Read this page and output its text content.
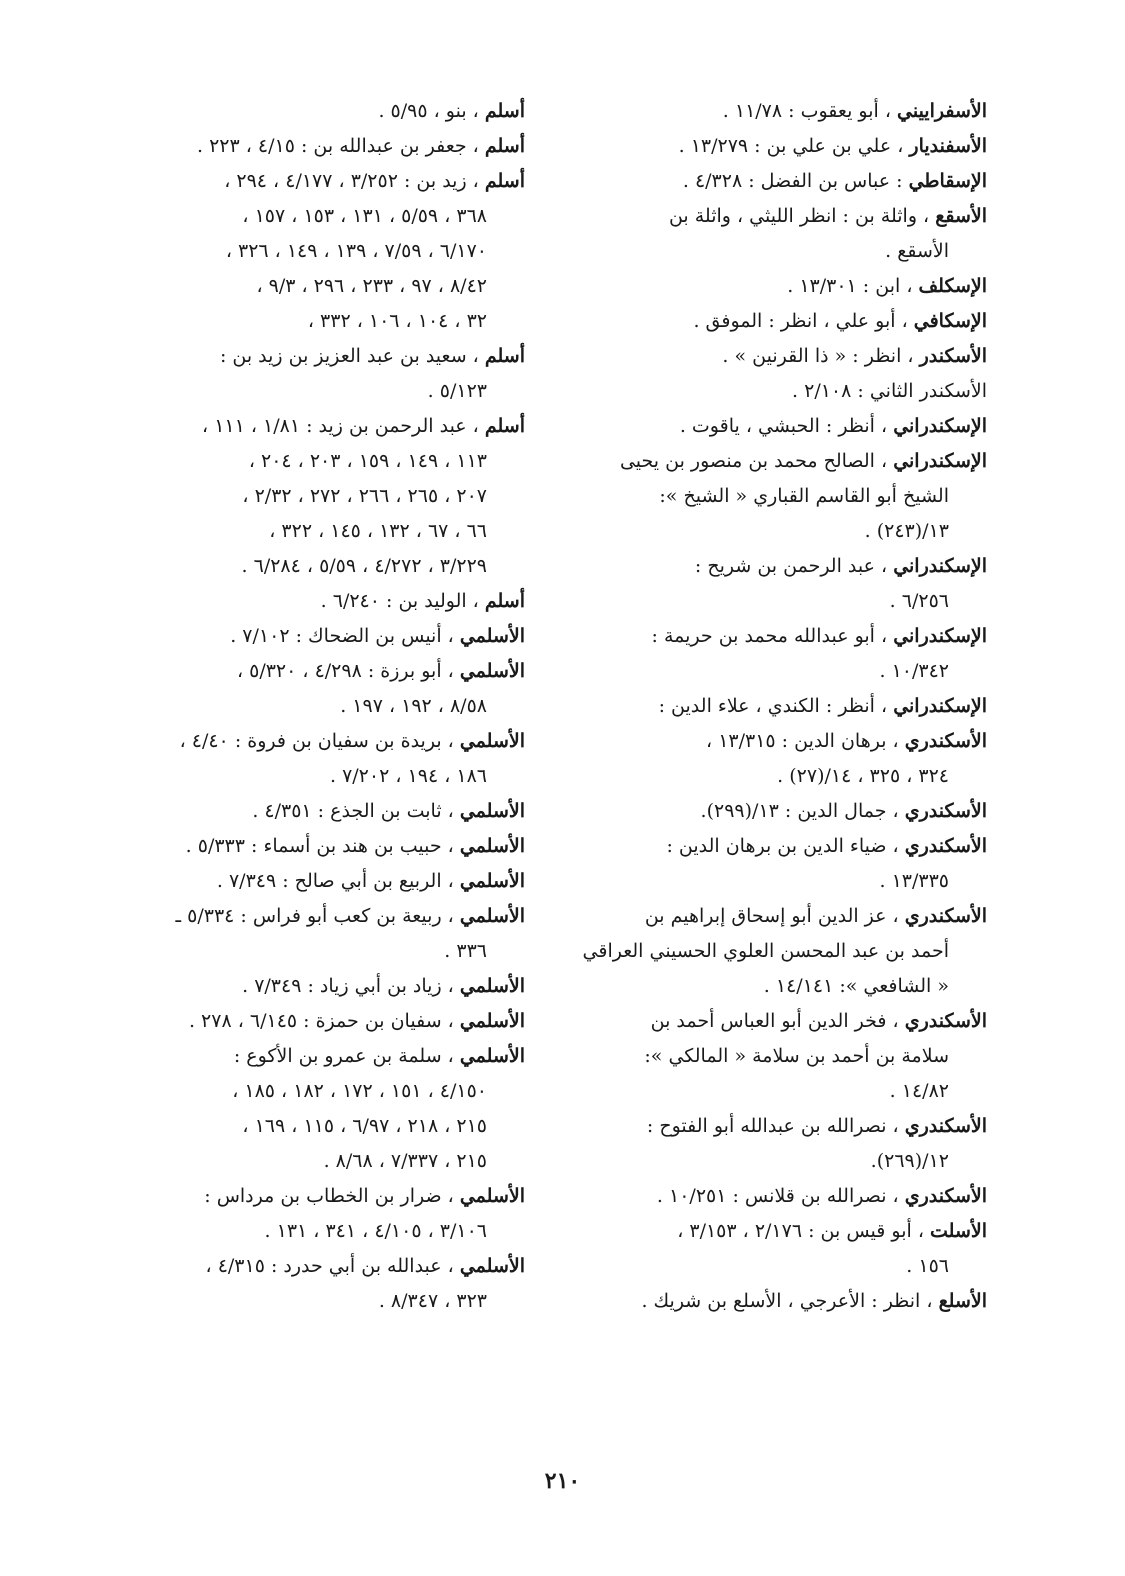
الأسفراييني ، أبو يعقوب : ١١/٧٨ .
الأسفنديار ، علي بن علي بن : ١٣/٢٧٩ .
الإسقاطي : عباس بن الفضل : ٤/٣٢٨ .
الأسقع ، واثلة بن : انظر الليثي ، واثلة بن
الأسقع .
الإسكلف ، ابن : ١٣/٣٠١ .
الإسكافي ، أبو علي ، انظر : الموفق .
الأسكندر ، انظر : « ذا القرنين » .
الأسكندر الثاني : ٢/١٠٨ .
الإسكندراني ، أنظر : الحبشي ، ياقوت .
الإسكندراني ، الصالح محمد بن منصور بن يحيى
الشيخ أبو القاسم القباري « الشيخ »:
١٣/(٢٤٣) .
الإسكندراني ، عبد الرحمن بن شريح :
٦/٢٥٦ .
الإسكندراني ، أبو عبدالله محمد بن حريمة :
١٠/٣٤٢ .
الإسكندراني ، أنظر : الكندي ، علاء الدين :
الأسكندري ، برهان الدين : ١٣/٣١٥ ،
٣٢٤ ، ٣٢٥ ، ١٤/(٢٧) .
الأسكندري ، جمال الدين : ١٣/(٢٩٩).
الأسكندري ، ضياء الدين بن برهان الدين :
١٣/٣٣٥ .
الأسكندري ، عز الدين أبو إسحاق إبراهيم بن
أحمد بن عبد المحسن العلوي الحسيني العراقي
« الشافعي »: ١٤/١٤١ .
الأسكندري ، فخر الدين أبو العباس أحمد بن
سلامة بن أحمد بن سلامة « المالكي »:
١٤/٨٢ .
الأسكندري ، نصرالله بن عبدالله أبو الفتوح :
١٢/(٢٦٩).
الأسكندري ، نصرالله بن قلانس : ١٠/٢٥١ .
الأسلت ، أبو قيس بن : ٢/١٧٦ ، ٣/١٥٣ ،
١٥٦ .
الأسلع ، انظر : الأعرجي ، الأسلع بن شريك .
أسلم ، بنو ، ٥/٩٥ .
أسلم ، جعفر بن عبدالله بن : ٤/١٥ ، ٢٢٣ .
أسلم ، زيد بن : ٣/٢٥٢ ، ٤/١٧٧ ، ٢٩٤ ،
٣٦٨ ، ٥/٥٩ ، ١٣١ ، ١٥٣ ، ١٥٧ ،
٦/١٧٠ ، ٧/٥٩ ، ١٣٩ ، ١٤٩ ، ٣٢٦ ،
٨/٤٢ ، ٩٧ ، ٢٣٣ ، ٢٩٦ ، ٩/٣ ،
٣٢ ، ١٠٤ ، ١٠٦ ، ٣٣٢ ،
أسلم ، سعيد بن عبد العزيز بن زيد بن :
٥/١٢٣ .
أسلم ، عبد الرحمن بن زيد : ١/٨١ ، ١١١ ،
١١٣ ، ١٤٩ ، ١٥٩ ، ٢٠٣ ، ٢٠٤ ،
٢٠٧ ، ٢٦٥ ، ٢٦٦ ، ٢٧٢ ، ٢/٣٢ ،
٦٦ ، ٦٧ ، ١٣٢ ، ١٤٥ ، ٣٢٢ ،
٣/٢٢٩ ، ٤/٢٧٢ ، ٥/٥٩ ، ٦/٢٨٤ .
أسلم ، الوليد بن : ٦/٢٤٠ .
الأسلمي ، أنيس بن الضحاك : ٧/١٠٢ .
الأسلمي ، أبو برزة : ٤/٢٩٨ ، ٥/٣٢٠ ،
٨/٥٨ ، ١٩٢ ، ١٩٧ .
الأسلمي ، بريدة بن سفيان بن فروة : ٤/٤٠ ،
١٨٦ ، ١٩٤ ، ٧/٢٠٢ .
الأسلمي ، ثابت بن الجذع : ٤/٣٥١ .
الأسلمي ، حبيب بن هند بن أسماء : ٥/٣٣٣ .
الأسلمي ، الربيع بن أبي صالح : ٧/٣٤٩ .
الأسلمي ، ربيعة بن كعب أبو فراس : ٥/٣٣٤ ـ
٣٣٦ .
الأسلمي ، زياد بن أبي زياد : ٧/٣٤٩ .
الأسلمي ، سفيان بن حمزة : ٦/١٤٥ ، ٢٧٨ .
الأسلمي ، سلمة بن عمرو بن الأكوع :
٤/١٥٠ ، ١٥١ ، ١٧٢ ، ١٨٢ ، ١٨٥ ،
٢١٥ ، ٢١٨ ، ٦/٩٧ ، ١١٥ ، ١٦٩ ،
٢١٥ ، ٧/٣٣٧ ، ٨/٦٨ .
الأسلمي ، ضرار بن الخطاب بن مرداس :
٣/١٠٦ ، ٤/١٠٥ ، ٣٤١ ، ١٣١ .
الأسلمي ، عبدالله بن أبي حدرد : ٤/٣١٥ ،
٣٢٣ ، ٨/٣٤٧ .
٢١٠
